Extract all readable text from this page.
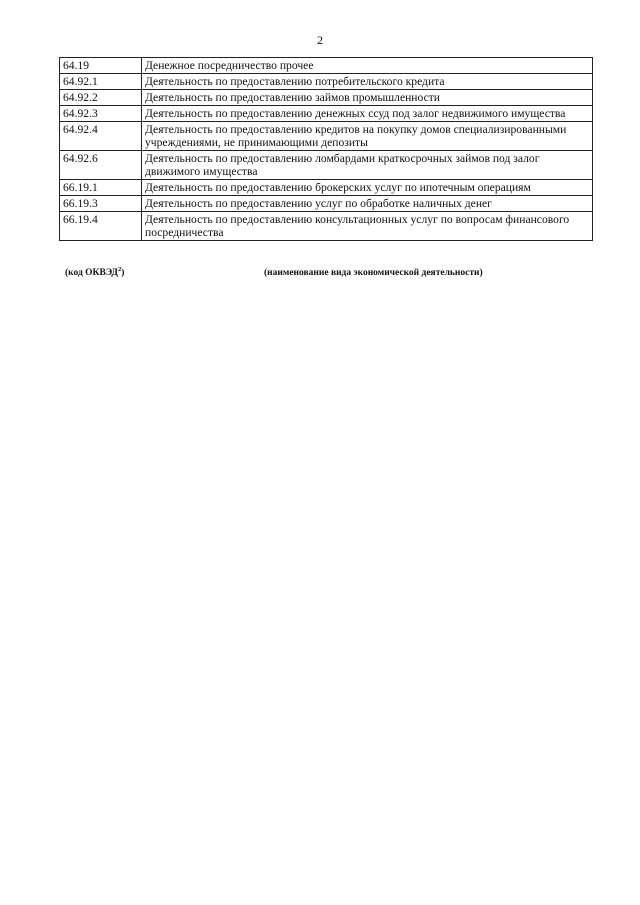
2
64.19	Денежное посредничество прочее
64.92.1	Деятельность по предоставлению потребительского кредита
64.92.2	Деятельность по предоставлению займов промышленности
64.92.3	Деятельность по предоставлению денежных ссуд под залог недвижимого имущества
64.92.4	Деятельность по предоставлению кредитов на покупку домов специализированными учреждениями, не принимающими депозиты
64.92.6	Деятельность по предоставлению ломбардами краткосрочных займов под залог движимого имущества
66.19.1	Деятельность по предоставлению брокерских услуг по ипотечным операциям
66.19.3	Деятельность по предоставлению услуг по обработке наличных денег
66.19.4	Деятельность по предоставлению консультационных услуг по вопросам финансового посредничества
(код ОКВЭД$^2$)	(наименование вида экономической деятельности)
